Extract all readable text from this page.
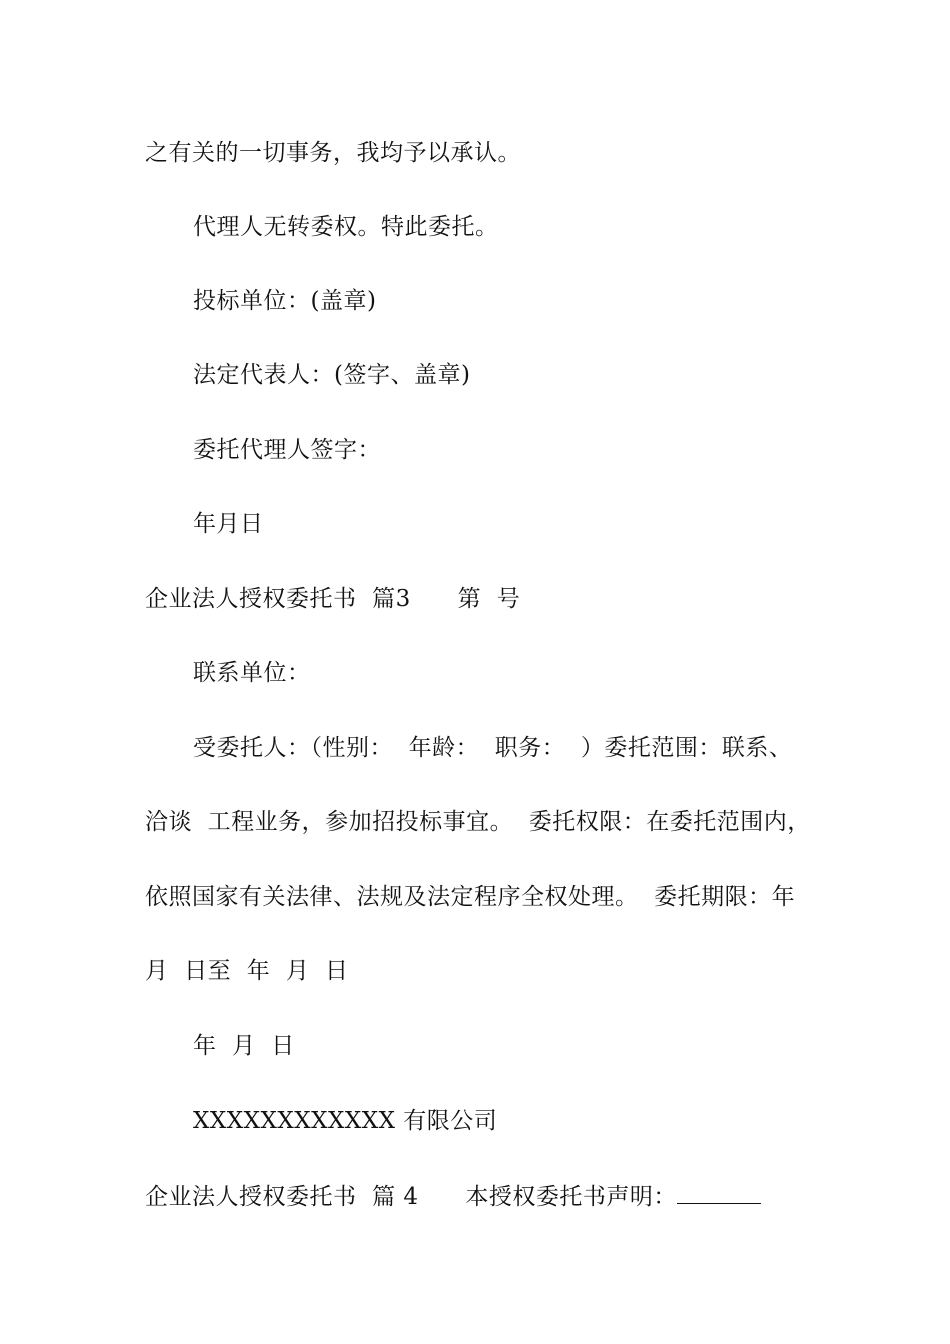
之有关的一切事务，我均予以承认。
代理人无转委权。特此委托。
投标单位：(盖章)
法定代表人：(签字、盖章)
委托代理人签字：
年月日
企业法人授权委托书  篇3      第  号
联系单位：
受委托人：（性别：  年龄：  职务：  ）委托范围：联系、
洽谈  工程业务，参加招投标事宜。  委托权限：在委托范围内，
依照国家有关法律、法规及法定程序全权处理。  委托期限：年
月  日至  年  月  日
年  月  日
XXXXXXXXXXXX 有限公司
企业法人授权委托书  篇 4      本授权委托书声明：
